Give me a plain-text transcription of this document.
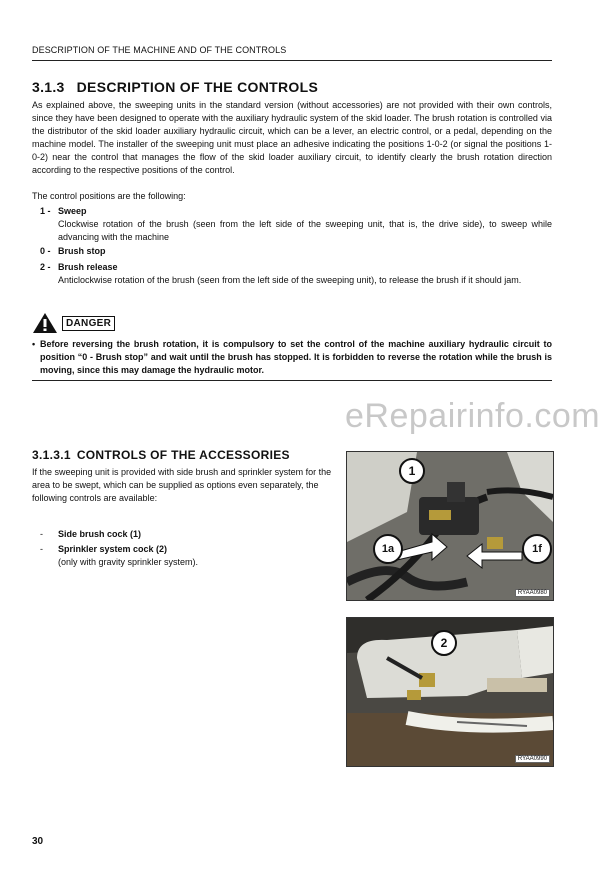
DESCRIPTION OF THE MACHINE AND OF THE CONTROLS
3.1.3 DESCRIPTION OF THE CONTROLS
As explained above, the sweeping units in the standard version (without accessories) are not provided with their own controls, since they have been designed to operate with the auxiliary hydraulic system of the skid loader. The brush rotation is controlled via the distributor of the skid loader auxiliary hydraulic circuit, which can be a lever, an electric control, or a pedal, depending on the machine model. The installer of the sweeping unit must place an adhesive indicating the positions 1-0-2 (or signal the positions 1-0-2) near the control that manages the flow of the skid loader auxiliary circuit, to identify clearly the brush rotation direction according to the respective positions of the control.
The control positions are the following:
1 - Sweep
Clockwise rotation of the brush (seen from the left side of the sweeping unit, that is, the drive side), to sweep while advancing with the machine
0 - Brush stop
2 - Brush release
Anticlockwise rotation of the brush (seen from the left side of the sweeping unit), to release the brush if it should jam.
DANGER
• Before reversing the brush rotation, it is compulsory to set the control of the machine auxiliary hydraulic circuit to position “0 - Brush stop” and wait until the brush has stopped. It is forbidden to reverse the rotation while the brush is moving, since this may damage the hydraulic motor.
eRepairinfo.com
3.1.3.1 CONTROLS OF THE ACCESSORIES
If the sweeping unit is provided with side brush and sprinkler system for the area to be swept, which can be supplied as options even separately, the following controls are available:
- Side brush cock (1)
- Sprinkler system cock (2)
(only with gravity sprinkler system).
1
1a	1f
RYAA0980
2
RYAA0990
30
